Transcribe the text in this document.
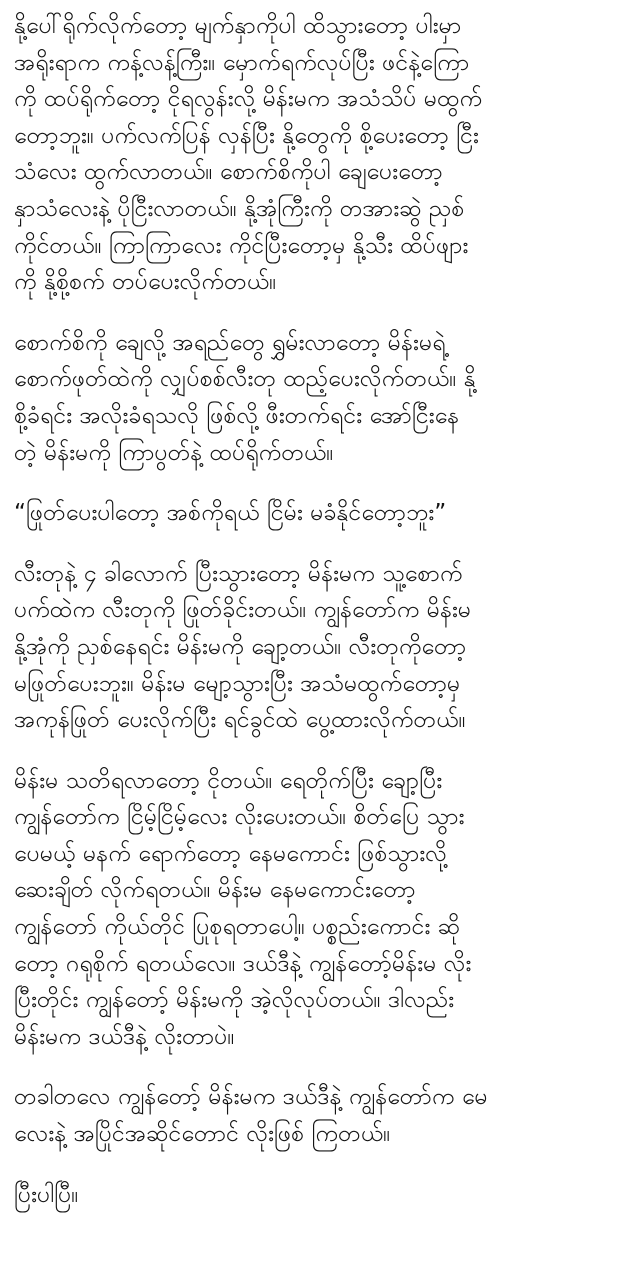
နို့ပေါ်ရိုက်လိုက်တော့ မျက်နှာကိုပါ ထိသွားတော့ ပါးမှာ
အရိုးရာက ကန့်လန့်ကြီး။ မှောက်ရက်လုပ်ပြီး ဖင်နဲ့ကြော
ကို ထပ်ရိုက်တော့ ငိုရလွန်းလို့ မိန်းမက အသံသိပ် မထွက်
တော့ဘူး။ ပက်လက်ပြန် လှန်ပြီး နို့တွေကို စို့ပေးတော့ ငြီး
သံလေး ထွက်လာတယ်။ စောက်စိကိုပါ ချေပေးတော့
နှာသံလေးနဲ့ ပိုငြီးလာတယ်။ နို့အုံကြီးကို တအားဆွဲ ညှစ်
ကိုင်တယ်။ ကြာကြာလေး ကိုင်ပြီးတော့မှ နို့သီး ထိပ်ဖျား
ကို နို့စို့စက် တပ်ပေးလိုက်တယ်။

စောက်စိကို ချေလို့ အရည်တွေ ရွှမ်းလာတော့ မိန်းမရဲ့
စောက်ဖုတ်ထဲကို လျှပ်စစ်လီးတု ထည့်ပေးလိုက်တယ်။ နို့
စို့ခံရင်း အလိုးခံရသလို ဖြစ်လို့ ဖီးတက်ရင်း အော်ငြီးနေ
တဲ့ မိန်းမကို ကြာပွတ်နဲ့ ထပ်ရိုက်တယ်။

“ဖြုတ်ပေးပါတော့ အစ်ကိုရယ် ငြိမ်း မခံနိုင်တော့ဘူး”

လီးတုနဲ့ ၄ ခါလောက် ပြီးသွားတော့ မိန်းမက သူ့စောက်
ပက်ထဲက လီးတုကို ဖြုတ်ခိုင်းတယ်။ ကျွန်တော်က မိန်းမ
နို့အုံကို ညှစ်နေရင်း မိန်းမကို ချော့တယ်။ လီးတုကိုတော့
မဖြုတ်ပေးဘူး။ မိန်းမ မျော့သွားပြီး အသံမထွက်တော့မှ
အကုန်ဖြုတ် ပေးလိုက်ပြီး ရင်ခွင်ထဲ ပွေ့ထားလိုက်တယ်။

မိန်းမ သတိရလာတော့ ငိုတယ်။ ရေတိုက်ပြီး ချော့ပြီး
ကျွန်တော်က ငြိမ့်ငြိမ့်လေး လိုးပေးတယ်။ စိတ်ပြေ သွား
ပေမယ့် မနက် ရောက်တော့ နေမကောင်း ဖြစ်သွားလို့
ဆေးချိတ် လိုက်ရတယ်။ မိန်းမ နေမကောင်းတော့
ကျွန်တော် ကိုယ်တိုင် ပြုစုရတာပေါ့။ ပစ္စည်းကောင်း ဆို
တော့ ဂရုစိုက် ရတယ်လေ။ ဒယ်ဒီနဲ့ ကျွန်တော့်မိန်းမ လိုး
ပြီးတိုင်း ကျွန်တော့် မိန်းမကို အဲ့လိုလုပ်တယ်။ ဒါလည်း
မိန်းမက ဒယ်ဒီနဲ့ လိုးတာပဲ။

တခါတလေ ကျွန်တော့် မိန်းမက ဒယ်ဒီနဲ့ ကျွန်တော်က မေ
လေးနဲ့ အပြိုင်အဆိုင်တောင် လိုးဖြစ် ကြတယ်။

ပြီးပါပြီ။
